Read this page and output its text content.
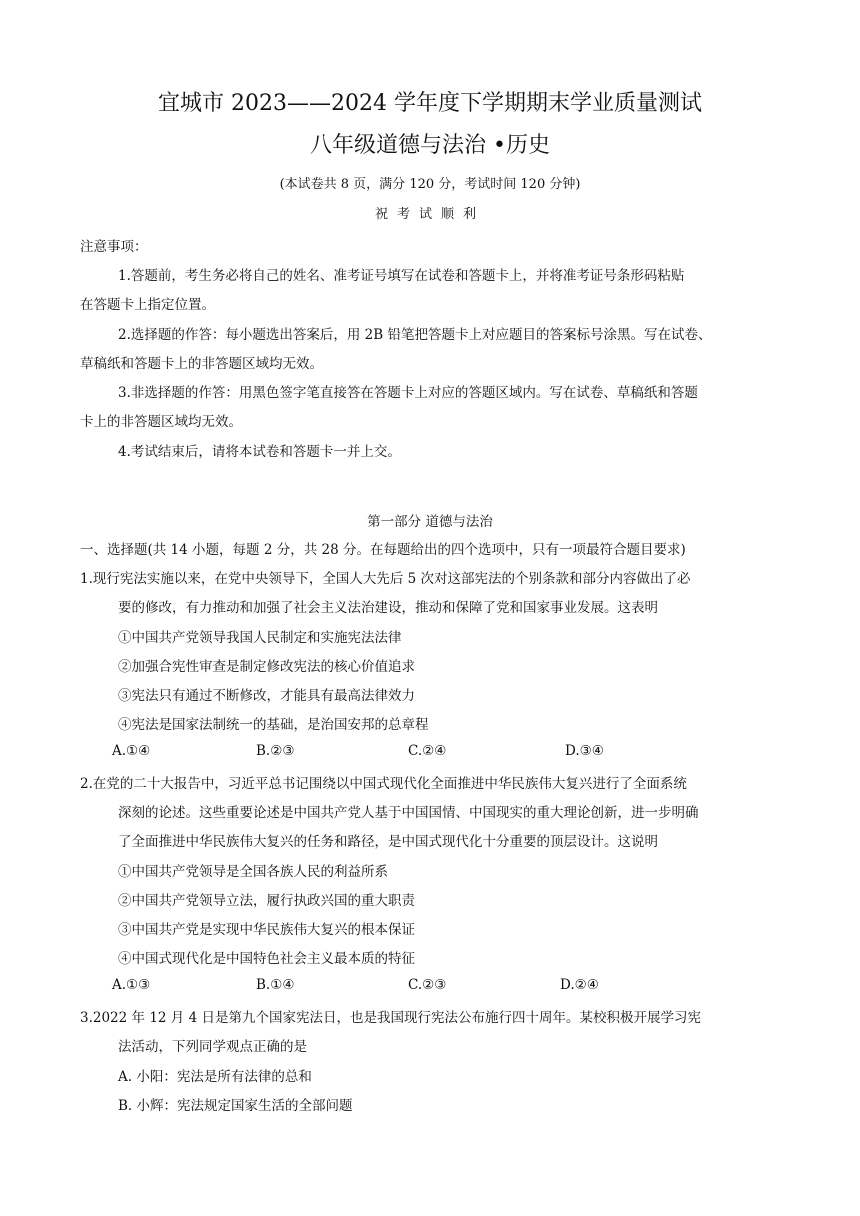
宜城市 2023——2024 学年度下学期期末学业质量测试
八年级道德与法治 •历史
(本试卷共 8 页，满分 120 分，考试时间 120 分钟)
祝考试顺利
注意事项：
1.答题前，考生务必将自己的姓名、准考证号填写在试卷和答题卡上，并将准考证号条形码粘贴
在答题卡上指定位置。
2.选择题的作答：每小题选出答案后，用 2B 铅笔把答题卡上对应题目的答案标号涂黑。写在试卷、
草稿纸和答题卡上的非答题区域均无效。
3.非选择题的作答：用黑色签字笔直接答在答题卡上对应的答题区域内。写在试卷、草稿纸和答题
卡上的非答题区域均无效。
4.考试结束后，请将本试卷和答题卡一并上交。
第一部分 道德与法治
一、选择题(共 14 小题，每题 2 分，共 28 分。在每题给出的四个选项中，只有一项最符合题目要求)
1.现行宪法实施以来，在党中央领导下，全国人大先后 5 次对这部宪法的个别条款和部分内容做出了必
要的修改，有力推动和加强了社会主义法治建设，推动和保障了党和国家事业发展。这表明
①中国共产党领导我国人民制定和实施宪法法律
②加强合宪性审查是制定修改宪法的核心价值追求
③宪法只有通过不断修改，才能具有最高法律效力
④宪法是国家法制统一的基础，是治国安邦的总章程
A.①④	B.②③	C.②④	D.③④
2.在党的二十大报告中，习近平总书记围绕以中国式现代化全面推进中华民族伟大复兴进行了全面系统
深刻的论述。这些重要论述是中国共产党人基于中国国情、中国现实的重大理论创新，进一步明确
了全面推进中华民族伟大复兴的任务和路径，是中国式现代化十分重要的顶层设计。这说明
①中国共产党领导是全国各族人民的利益所系
②中国共产党领导立法，履行执政兴国的重大职责
③中国共产党是实现中华民族伟大复兴的根本保证
④中国式现代化是中国特色社会主义最本质的特征
A.①③	B.①④	C.②③	D.②④
3.2022 年 12 月 4 日是第九个国家宪法日，也是我国现行宪法公布施行四十周年。某校积极开展学习宪
法活动，下列同学观点正确的是
A. 小阳：宪法是所有法律的总和
B. 小辉：宪法规定国家生活的全部问题
